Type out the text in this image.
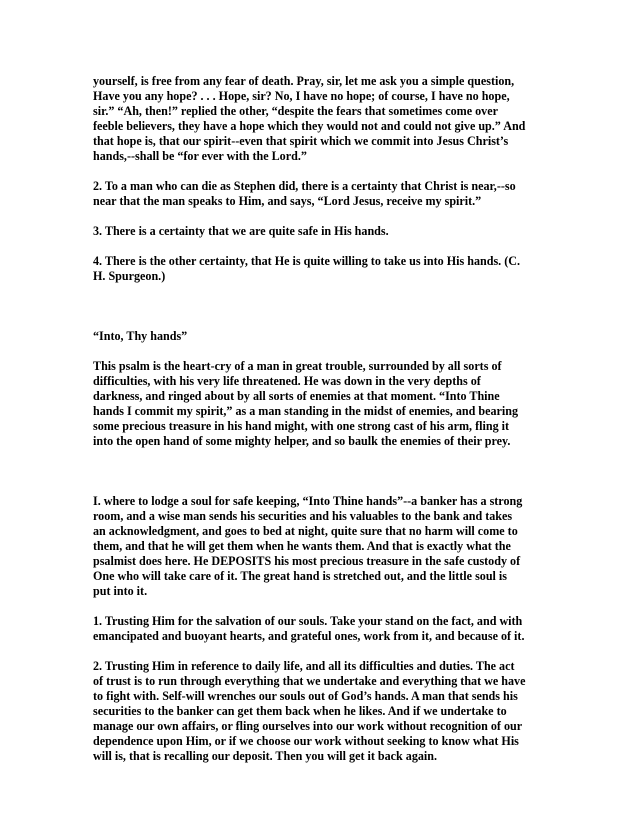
yourself, is free from any fear of death. Pray, sir, let me ask you a simple question,
Have you any hope? . . . Hope, sir? No, I have no hope; of course, I have no hope,
sir.” “Ah, then!” replied the other, “despite the fears that sometimes come over
feeble believers, they have a hope which they would not and could not give up.” And
that hope is, that our spirit--even that spirit which we commit into Jesus Christ’s
hands,--shall be “for ever with the Lord.”

2. To a man who can die as Stephen did, there is a certainty that Christ is near,--so
near that the man speaks to Him, and says, “Lord Jesus, receive my spirit.”

3. There is a certainty that we are quite safe in His hands.

4. There is the other certainty, that He is quite willing to take us into His hands. (C.
H. Spurgeon.)

“Into, Thy hands”

This psalm is the heart-cry of a man in great trouble, surrounded by all sorts of
difficulties, with his very life threatened. He was down in the very depths of
darkness, and ringed about by all sorts of enemies at that moment. “Into Thine
hands I commit my spirit,” as a man standing in the midst of enemies, and bearing
some precious treasure in his hand might, with one strong cast of his arm, fling it
into the open hand of some mighty helper, and so baulk the enemies of their prey.

I. where to lodge a soul for safe keeping, “Into Thine hands”--a banker has a strong
room, and a wise man sends his securities and his valuables to the bank and takes
an acknowledgment, and goes to bed at night, quite sure that no harm will come to
them, and that he will get them when he wants them. And that is exactly what the
psalmist does here. He DEPOSITS his most precious treasure in the safe custody of
One who will take care of it. The great hand is stretched out, and the little soul is
put into it.

1. Trusting Him for the salvation of our souls. Take your stand on the fact, and with
emancipated and buoyant hearts, and grateful ones, work from it, and because of it.

2. Trusting Him in reference to daily life, and all its difficulties and duties. The act
of trust is to run through everything that we undertake and everything that we have
to fight with. Self-will wrenches our souls out of God’s hands. A man that sends his
securities to the banker can get them back when he likes. And if we undertake to
manage our own affairs, or fling ourselves into our work without recognition of our
dependence upon Him, or if we choose our work without seeking to know what His
will is, that is recalling our deposit. Then you will get it back again.
